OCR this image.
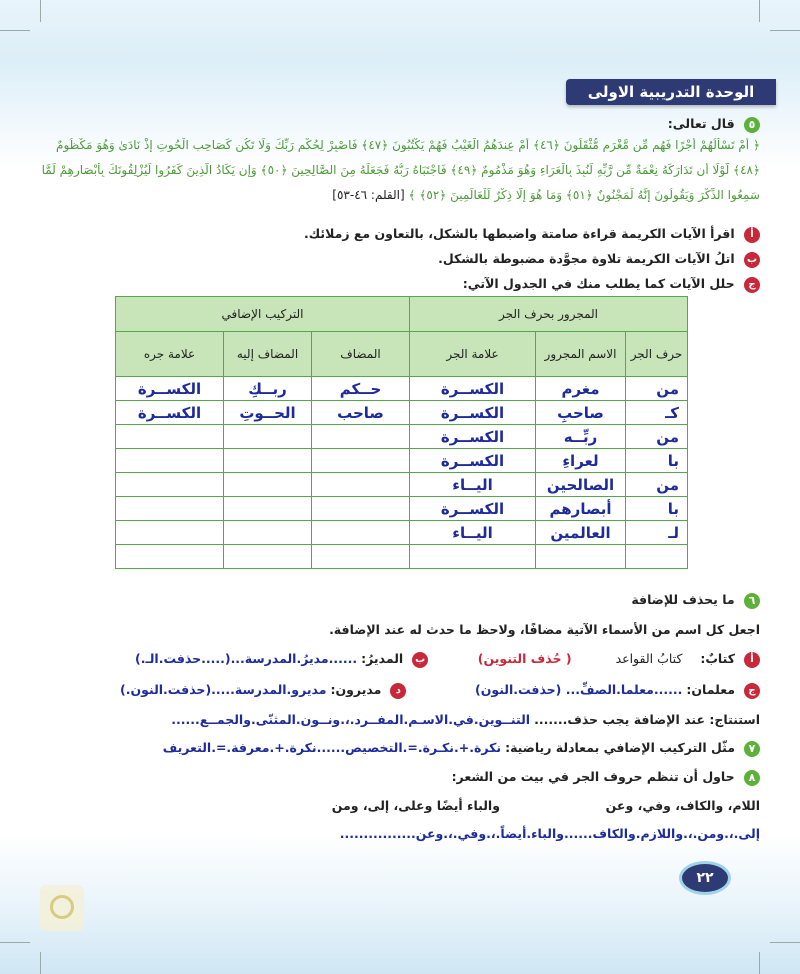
الوحدة التدريبية الاولى
٥ قال تعالى:
﴿ أَمْ تَسْأَلُهُمْ أَجْرًا فَهُم مِّن مَّغْرَمٍ مُّثْقَلُونَ ﴿٤٦﴾ أَمْ عِندَهُمُ الْغَيْبُ فَهُمْ يَكْتُبُونَ ﴿٤٧﴾ فَاصْبِرْ لِحُكْمِ رَبِّكَ وَلَا تَكُن كَصَاحِبِ الْحُوتِ إِذْ نَادَىٰ وَهُوَ مَكْظُومٌ
﴿٤٨﴾ لَّوْلَا أَن تَدَارَكَهُ نِعْمَةٌ مِّن رَّبِّهِ لَنُبِذَ بِالْعَرَاءِ وَهُوَ مَذْمُومٌ ﴿٤٩﴾ فَاجْتَبَاهُ رَبُّهُ فَجَعَلَهُ مِنَ الصَّالِحِينَ ﴿٥٠﴾ وَإِن يَكَادُ الَّذِينَ كَفَرُوا لَيُزْلِقُونَكَ بِأَبْصَارِهِمْ لَمَّا
سَمِعُوا الذِّكْرَ وَيَقُولُونَ إِنَّهُ لَمَجْنُونٌ ﴿٥١﴾ وَمَا هُوَ إِلَّا ذِكْرٌ لِّلْعَالَمِينَ ﴿٥٢﴾ ﴾ [القلم: ٤٦-٥٣]
أ اقرأ الآيات الكريمة قراءة صامتة واضبطها بالشكل، بالتعاون مع زملائك.
ب اتلُ الآيات الكريمة تلاوة مجوَّدة مضبوطة بالشكل.
ج حلل الآيات كما يطلب منك في الجدول الآتي:
المجرور بحرف الجر			التركيب الإضافي		
حرف الجر	الاسم المجرور	علامة الجر	المضاف	المضاف إليه	علامة جره
من	مغرم	الكســرة	حــكم	ربــكِ	الكســرة
كـ	صاحبِ	الكســرة	صاحب	الحــوتِ	الكســرة
من	ربِّــه	الكســرة			
با	لعراءِ	الكســرة			
من	الصالحين	اليــاء			
با	أبصارهم	الكســرة			
لـ	العالمين	اليــاء			

٦ ما يحذف للإضافة
اجعل كل اسم من الأسماء الآتية مضافًا، ولاحظ ما حدث له عند الإضافة.
أ كتابٌ: كتابُ القواعد ( حُذف التنوين)
ب المديرُ: ......مديرُ.المدرسة...(.....حذفت.الـ.)
ج معلمان: ......معلما.الصفِّ... (حذفت.النون)
د مديرون: مديرو.المدرسة.....(حذفت.النون.)
استنتاج: عند الإضافة يجب حذف....... التنــوين.في.الاسـم.المفــرد.،.ونــون.المثنّى.والجمــع......
٧ مثّل التركيب الإضافي بمعادلة رياضية: نكرة.+.نكـرة.=.التخصيص......نكرة.+.معرفة.=.التعريف
٨ حاول أن تنظم حروف الجر في بيت من الشعر:
اللام، والكاف، وفي، وعن
والباء أيضًا وعلى، إلى، ومن
إلى.،.ومن.،.واللازم.والكاف......والباء.أيضاً.،.وفي.،.وعن................
٢٢
